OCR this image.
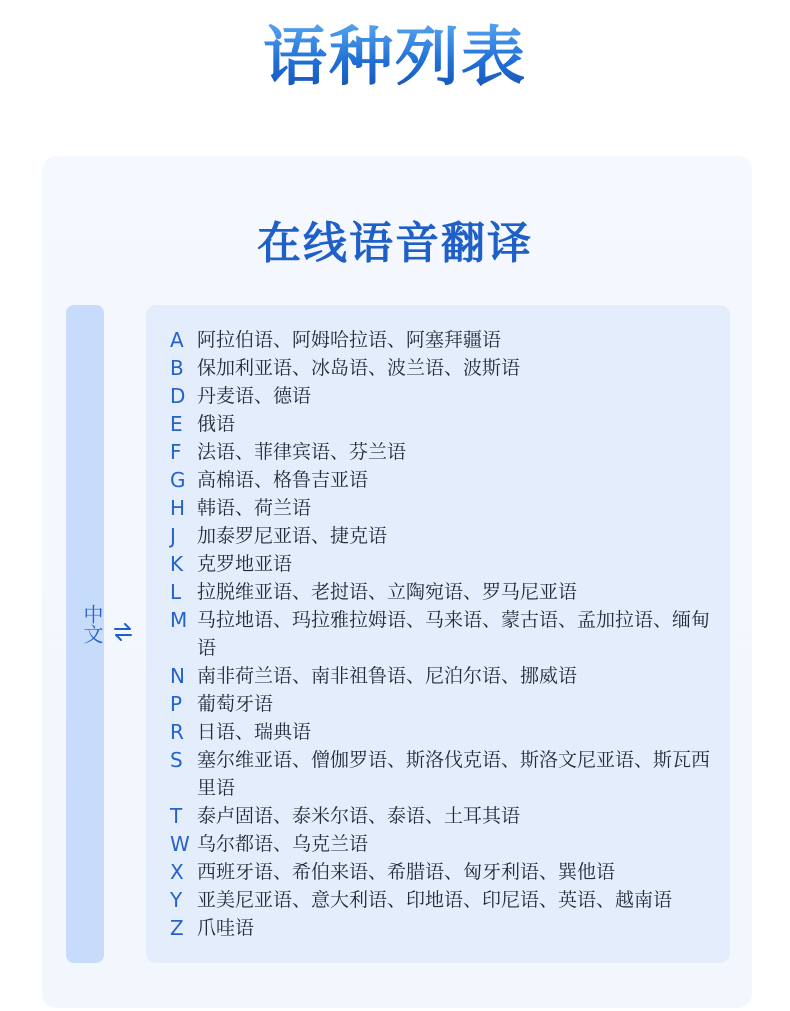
语种列表
在线语音翻译
中
文
A 阿拉伯语、阿姆哈拉语、阿塞拜疆语
B 保加利亚语、冰岛语、波兰语、波斯语
D 丹麦语、德语
E 俄语
F 法语、菲律宾语、芬兰语
G 高棉语、格鲁吉亚语
H 韩语、荷兰语
J	加泰罗尼亚语、捷克语
K 克罗地亚语
L 拉脱维亚语、老挝语、立陶宛语、罗马尼亚语
M 马拉地语、玛拉雅拉姆语、马来语、蒙古语、孟加拉语、缅甸语
N 南非荷兰语、南非祖鲁语、尼泊尔语、挪威语
P 葡萄牙语
R 日语、瑞典语
S 塞尔维亚语、僧伽罗语、斯洛伐克语、斯洛文尼亚语、斯瓦西里语
T 泰卢固语、泰米尔语、泰语、土耳其语
W 乌尔都语、乌克兰语
X 西班牙语、希伯来语、希腊语、匈牙利语、巽他语
Y 亚美尼亚语、意大利语、印地语、印尼语、英语、越南语
Z 爪哇语
